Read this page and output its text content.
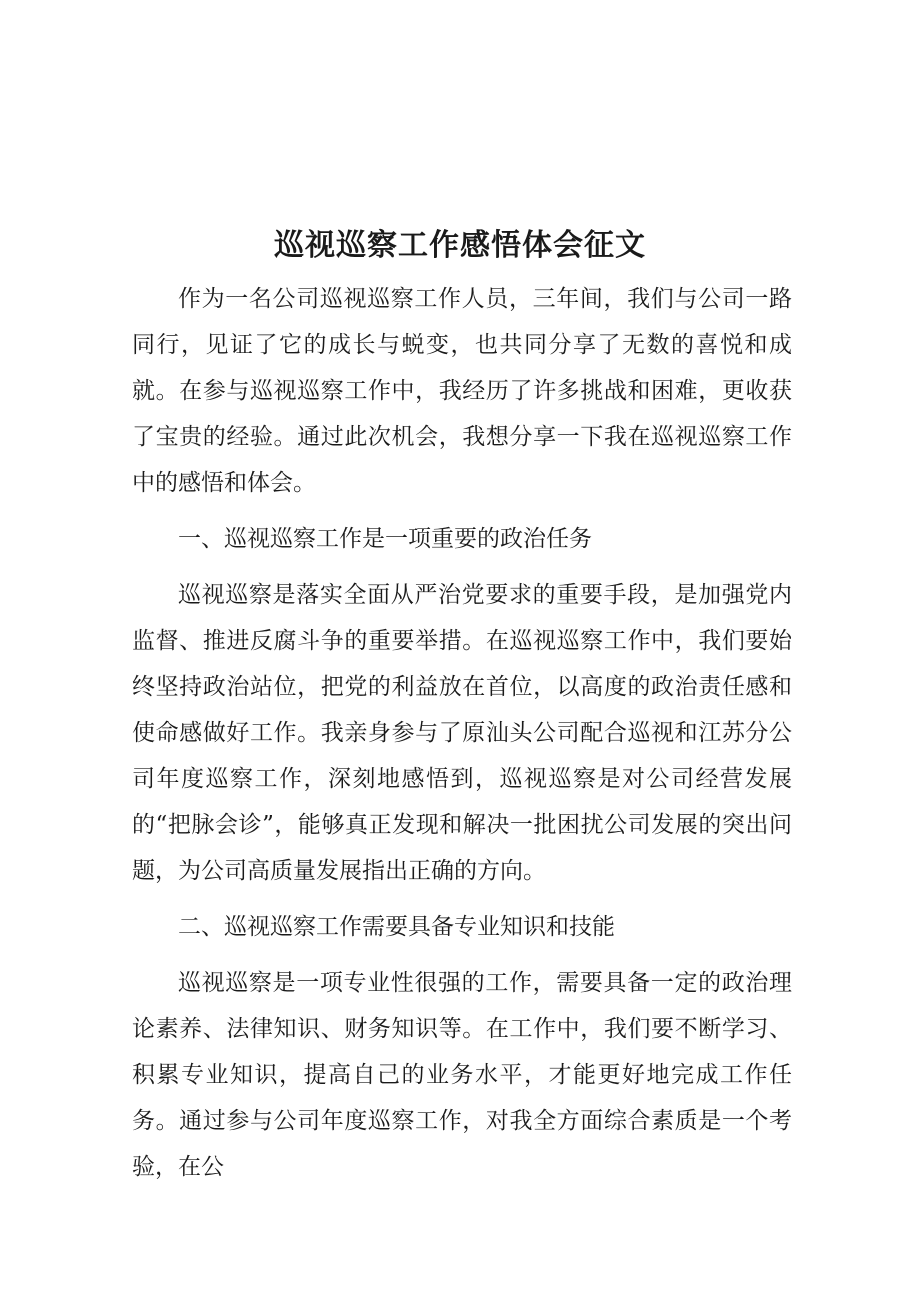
巡视巡察工作感悟体会征文

作为一名公司巡视巡察工作人员，三年间，我们与公司一路同行，见证了它的成长与蜕变，也共同分享了无数的喜悦和成就。在参与巡视巡察工作中，我经历了许多挑战和困难，更收获了宝贵的经验。通过此次机会，我想分享一下我在巡视巡察工作中的感悟和体会。

一、巡视巡察工作是一项重要的政治任务

巡视巡察是落实全面从严治党要求的重要手段，是加强党内监督、推进反腐斗争的重要举措。在巡视巡察工作中，我们要始终坚持政治站位，把党的利益放在首位，以高度的政治责任感和使命感做好工作。我亲身参与了原汕头公司配合巡视和江苏分公司年度巡察工作，深刻地感悟到，巡视巡察是对公司经营发展的“把脉会诊”，能够真正发现和解决一批困扰公司发展的突出问题，为公司高质量发展指出正确的方向。

二、巡视巡察工作需要具备专业知识和技能

巡视巡察是一项专业性很强的工作，需要具备一定的政治理论素养、法律知识、财务知识等。在工作中，我们要不断学习、积累专业知识，提高自己的业务水平，才能更好地完成工作任务。通过参与公司年度巡察工作，对我全方面综合素质是一个考验，在公
